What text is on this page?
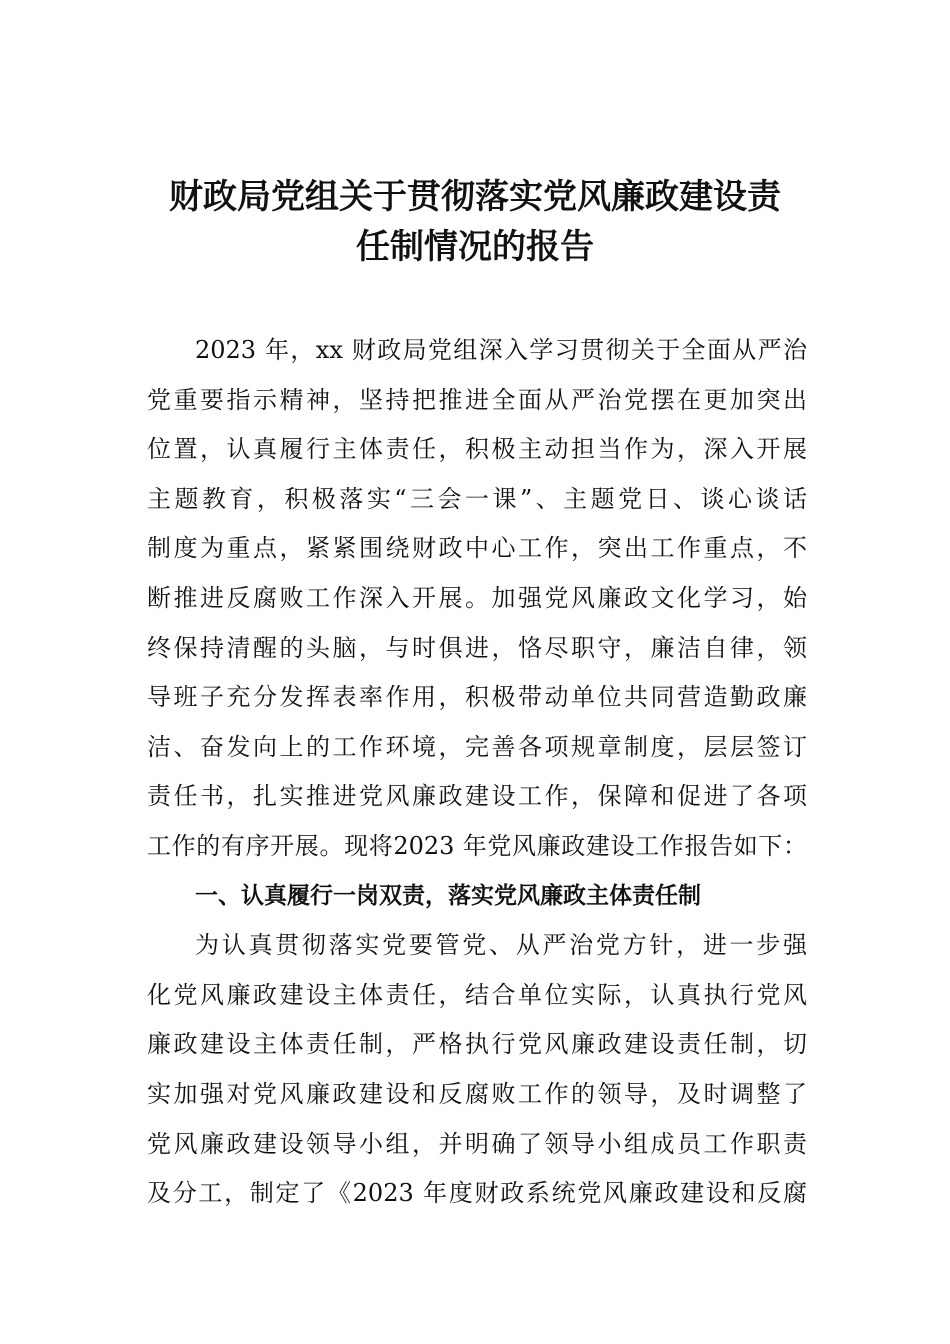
财政局党组关于贯彻落实党风廉政建设责
任制情况的报告
2023 年，xx 财政局党组深入学习贯彻关于全面从严治
党重要指示精神，坚持把推进全面从严治党摆在更加突出
位置，认真履行主体责任，积极主动担当作为，深入开展
主题教育，积极落实“三会一课”、主题党日、谈心谈话
制度为重点，紧紧围绕财政中心工作，突出工作重点，不
断推进反腐败工作深入开展。加强党风廉政文化学习，始
终保持清醒的头脑，与时俱进，恪尽职守，廉洁自律，领
导班子充分发挥表率作用，积极带动单位共同营造勤政廉
洁、奋发向上的工作环境，完善各项规章制度，层层签订
责任书，扎实推进党风廉政建设工作，保障和促进了各项
工作的有序开展。现将2023 年党风廉政建设工作报告如下：
一、认真履行一岗双责，落实党风廉政主体责任制
为认真贯彻落实党要管党、从严治党方针，进一步强
化党风廉政建设主体责任，结合单位实际，认真执行党风
廉政建设主体责任制，严格执行党风廉政建设责任制，切
实加强对党风廉政建设和反腐败工作的领导，及时调整了
党风廉政建设领导小组，并明确了领导小组成员工作职责
及分工，制定了《2023 年度财政系统党风廉政建设和反腐
